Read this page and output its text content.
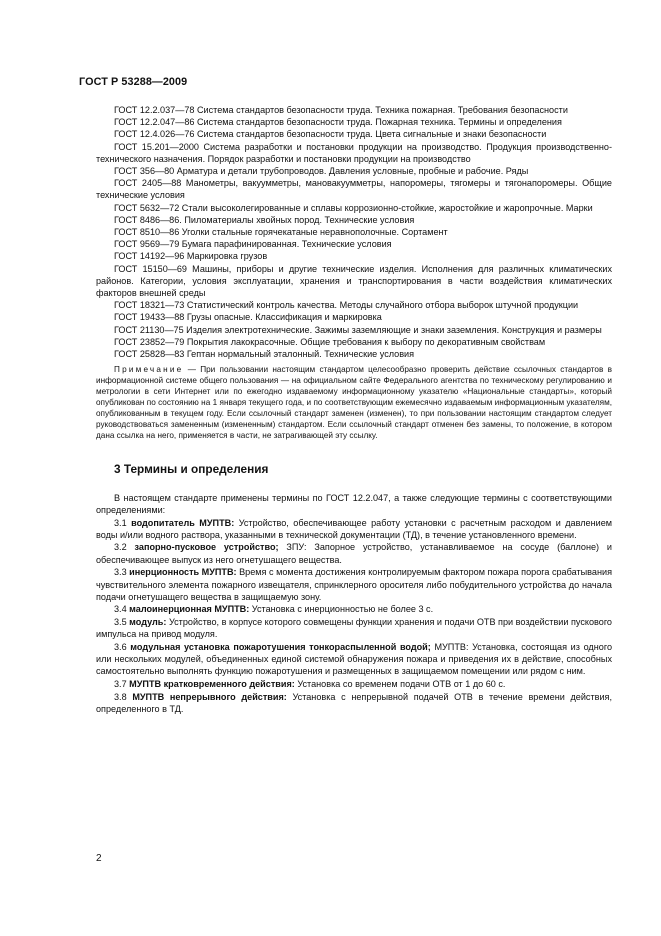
ГОСТ Р 53288—2009

ГОСТ 12.2.037—78 Система стандартов безопасности труда. Техника пожарная. Требования безопасности

ГОСТ 12.2.047—86 Система стандартов безопасности труда. Пожарная техника. Термины и определения

ГОСТ 12.4.026—76 Система стандартов безопасности труда. Цвета сигнальные и знаки безопасности

ГОСТ 15.201—2000 Система разработки и постановки продукции на производство. Продукция производственно-технического назначения. Порядок разработки и постановки продукции на производство

ГОСТ 356—80 Арматура и детали трубопроводов. Давления условные, пробные и рабочие. Ряды

ГОСТ 2405—88 Манометры, вакуумметры, мановакуумметры, напоромеры, тягомеры и тягонапоромеры. Общие технические условия

ГОСТ 5632—72 Стали высоколегированные и сплавы коррозионно-стойкие, жаростойкие и жаропрочные. Марки

ГОСТ 8486—86. Пиломатериалы хвойных пород. Технические условия

ГОСТ 8510—86 Уголки стальные горячекатаные неравнополочные. Сортамент

ГОСТ 9569—79 Бумага парафинированная. Технические условия

ГОСТ 14192—96 Маркировка грузов

ГОСТ 15150—69 Машины, приборы и другие технические изделия. Исполнения для различных климатических районов. Категории, условия эксплуатации, хранения и транспортирования в части воздействия климатических факторов внешней среды

ГОСТ 18321—73 Статистический контроль качества. Методы случайного отбора выборок штучной продукции

ГОСТ 19433—88 Грузы опасные. Классификация и маркировка

ГОСТ 21130—75 Изделия электротехнические. Зажимы заземляющие и знаки заземления. Конструкция и размеры

ГОСТ 23852—79 Покрытия лакокрасочные. Общие требования к выбору по декоративным свойствам

ГОСТ 25828—83 Гептан нормальный эталонный. Технические условия

Примечание — При пользовании настоящим стандартом целесообразно проверить действие ссылочных стандартов в информационной системе общего пользования — на официальном сайте Федерального агентства по техническому регулированию и метрологии в сети Интернет или по ежегодно издаваемому информационному указателю «Национальные стандарты», который опубликован по состоянию на 1 января текущего года, и по соответствующим ежемесячно издаваемым информационным указателям, опубликованным в текущем году. Если ссылочный стандарт заменен (изменен), то при пользовании настоящим стандартом следует руководствоваться замененным (измененным) стандартом. Если ссылочный стандарт отменен без замены, то положение, в котором дана ссылка на него, применяется в части, не затрагивающей эту ссылку.

3 Термины и определения

В настоящем стандарте применены термины по ГОСТ 12.2.047, а также следующие термины с соответствующими определениями:

3.1 водопитатель МУПТВ: Устройство, обеспечивающее работу установки с расчетным расходом и давлением воды и/или водного раствора, указанными в технической документации (ТД), в течение установленного времени.

3.2 запорно-пусковое устройство; ЗПУ: Запорное устройство, устанавливаемое на сосуде (баллоне) и обеспечивающее выпуск из него огнетушащего вещества.

3.3 инерционность МУПТВ: Время с момента достижения контролируемым фактором пожара порога срабатывания чувствительного элемента пожарного извещателя, спринклерного оросителя либо побудительного устройства до начала подачи огнетушащего вещества в защищаемую зону.

3.4 малоинерционная МУПТВ: Установка с инерционностью не более 3 с.

3.5 модуль: Устройство, в корпусе которого совмещены функции хранения и подачи ОТВ при воздействии пускового импульса на привод модуля.

3.6 модульная установка пожаротушения тонкораспыленной водой; МУПТВ: Установка, состоящая из одного или нескольких модулей, объединенных единой системой обнаружения пожара и приведения их в действие, способных самостоятельно выполнять функцию пожаротушения и размещенных в защищаемом помещении или рядом с ним.

3.7 МУПТВ кратковременного действия: Установка со временем подачи ОТВ от 1 до 60 с.

3.8 МУПТВ непрерывного действия: Установка с непрерывной подачей ОТВ в течение времени действия, определенного в ТД.

2
